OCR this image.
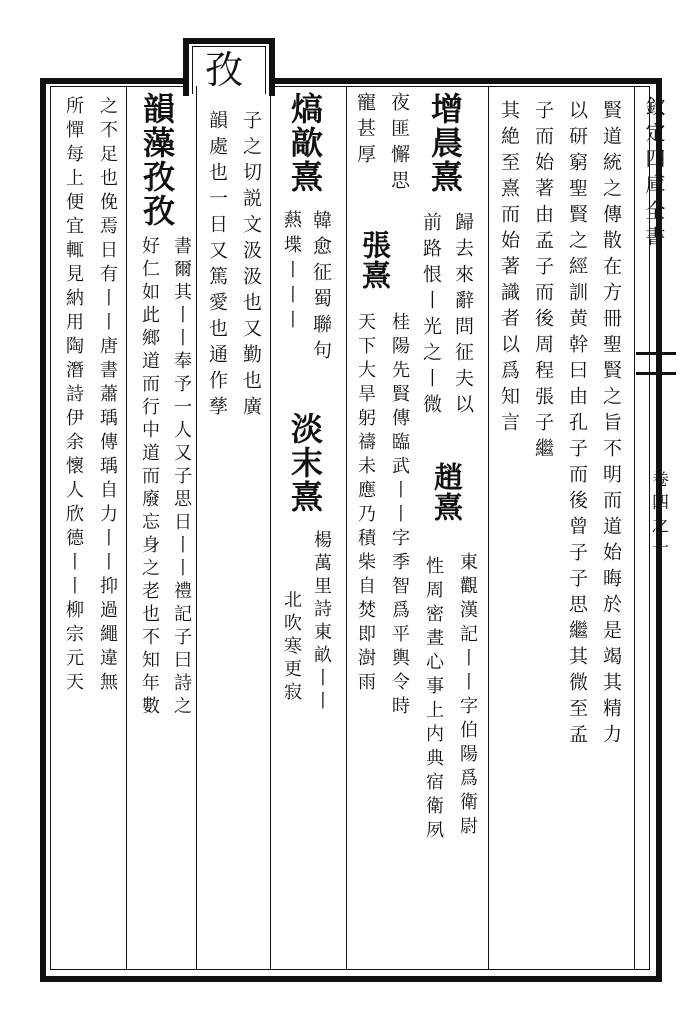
孜
欽定四庫全書
卷四之十
賢道統之傳散在方冊聖賢之旨不明而道始晦於是竭其精力
以研窮聖賢之經訓黄幹曰由孔子而後曾子子思繼其微至孟
子而始著由孟子而後周程張子繼
其絶至熹而始著識者以爲知言
增晨熹
歸去來辭問征夫以
前路恨丨光之丨微
趙熹
東觀漢記丨丨字伯陽爲衛尉
性周密晝心事上内典宿衛夙
夜匪懈思
張熹
桂陽先賢傳臨武丨丨字季智爲平輿令時
寵甚厚
天下大旱躬禱未應乃積柴自焚即澍雨
熇歊熹
韓愈征蜀聯句
淡末熹
楊萬里詩東畝丨丨
爇堞丨丨丨
北吹寒更寂
子之切説文汲汲也又勤也廣
韻處也一日又篤愛也通作孳
韻藻孜孜
書爾其丨丨奉予一人又子思日丨丨禮記子曰詩之
好仁如此鄉道而行中道而廢忘身之老也不知年數
之不足也俛焉日有丨丨唐書蕭瑀傳瑀自力丨丨抑過繩違無
所憚每上便宜輒見納用陶潛詩伊余懷人欣德丨丨柳宗元天
